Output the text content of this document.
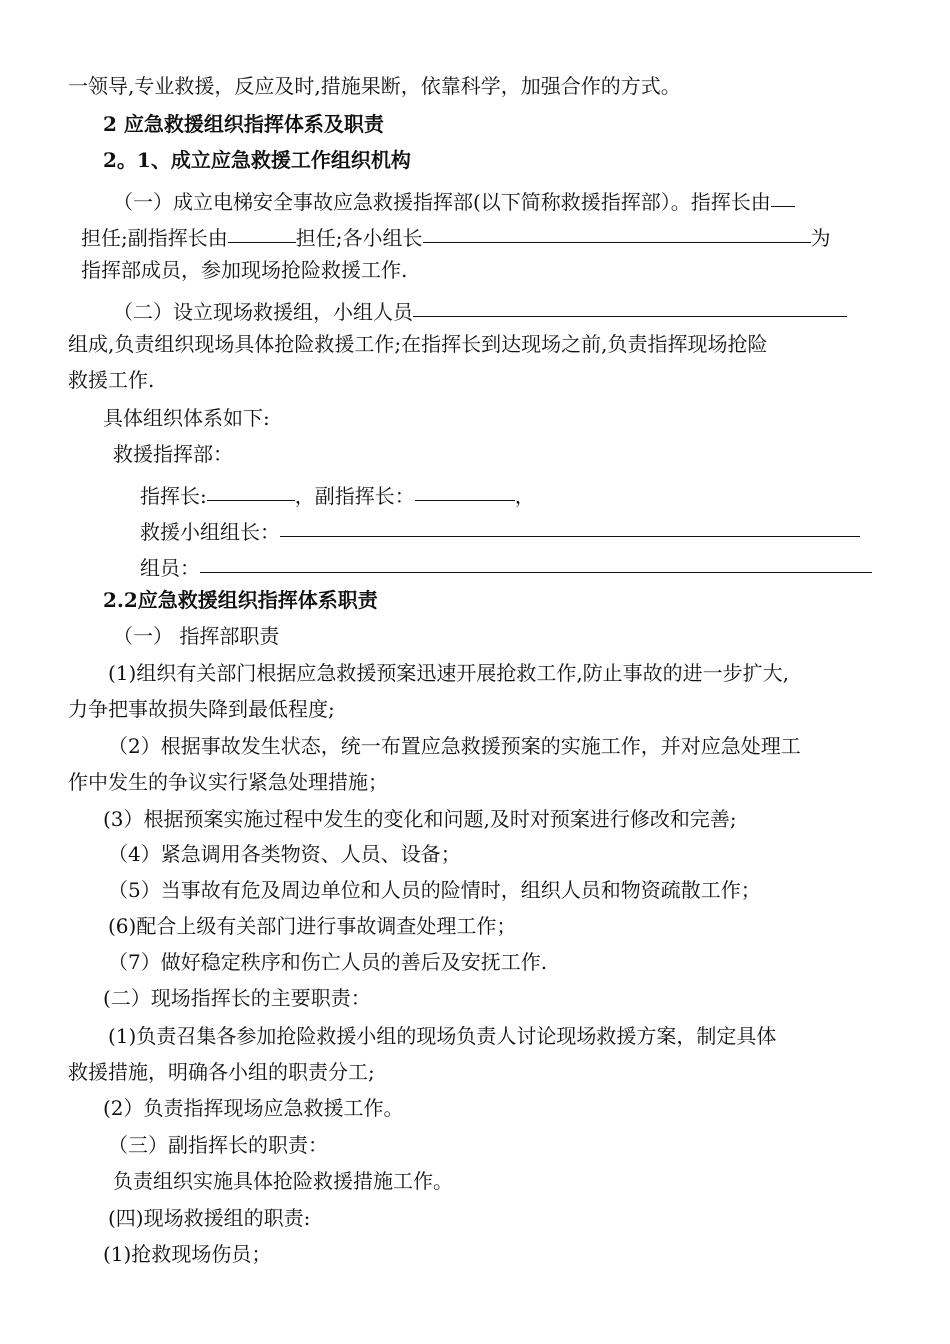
一领导,专业救援，反应及时,措施果断，依靠科学，加强合作的方式。
2 应急救援组织指挥体系及职责
2。1、成立应急救援工作组织机构
（一）成立电梯安全事故应急救援指挥部(以下简称救援指挥部）。指挥长由
担任;副指挥长由	担任;各小组长	为
指挥部成员，参加现场抢险救援工作.
（二）设立现场救援组，小组人员
组成,负责组织现场具体抢险救援工作;在指挥长到达现场之前,负责指挥现场抢险
救援工作.
具体组织体系如下:
救援指挥部：
指挥长:	，副指挥长：	，
救援小组组长：
组员：
2.2应急救援组织指挥体系职责
（一） 指挥部职责
(1)组织有关部门根据应急救援预案迅速开展抢救工作,防止事故的进一步扩大,
力争把事故损失降到最低程度;
（2）根据事故发生状态，统一布置应急救援预案的实施工作，并对应急处理工
作中发生的争议实行紧急处理措施；
(3）根据预案实施过程中发生的变化和问题,及时对预案进行修改和完善;
（4）紧急调用各类物资、人员、设备；
（5）当事故有危及周边单位和人员的险情时，组织人员和物资疏散工作；
(6)配合上级有关部门进行事故调查处理工作；
（7）做好稳定秩序和伤亡人员的善后及安抚工作.
(二）现场指挥长的主要职责：
(1)负责召集各参加抢险救援小组的现场负责人讨论现场救援方案，制定具体
救援措施，明确各小组的职责分工;
(2）负责指挥现场应急救援工作。
（三）副指挥长的职责：
负责组织实施具体抢险救援措施工作。
(四)现场救援组的职责:
(1)抢救现场伤员；
